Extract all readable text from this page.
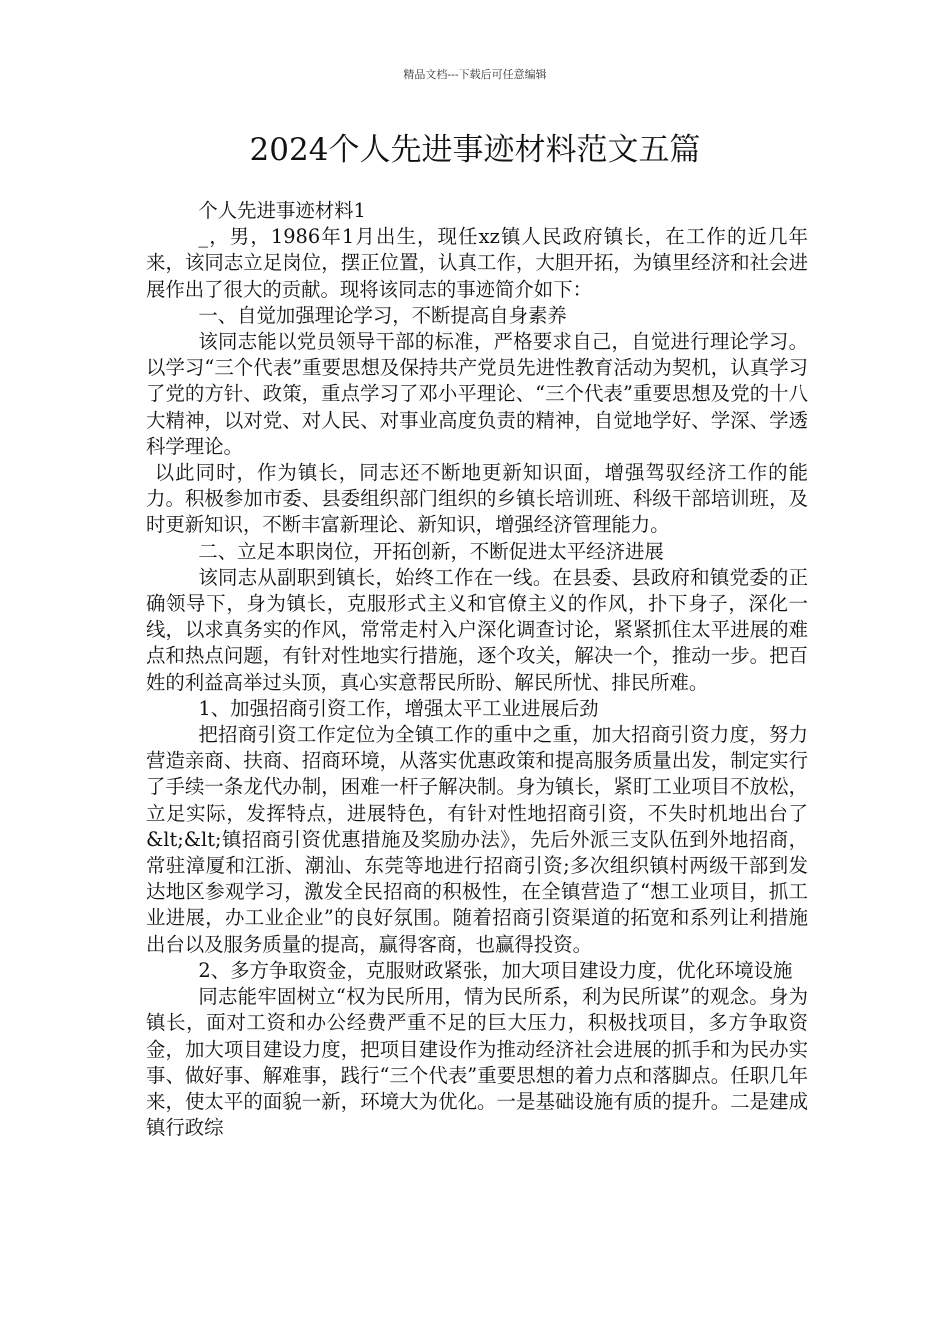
精品文档---下载后可任意编辑
2024个人先进事迹材料范文五篇

个人先进事迹材料1

_，男，1986年1月出生，现任xz镇人民政府镇长，在工作的近几年来，该同志立足岗位，摆正位置，认真工作，大胆开拓，为镇里经济和社会进展作出了很大的贡献。现将该同志的事迹简介如下：

一、自觉加强理论学习，不断提高自身素养

该同志能以党员领导干部的标准，严格要求自己，自觉进行理论学习。以学习“三个代表”重要思想及保持共产党员先进性教育活动为契机，认真学习了党的方针、政策，重点学习了邓小平理论、“三个代表”重要思想及党的十八大精神，以对党、对人民、对事业高度负责的精神，自觉地学好、学深、学透科学理论。

以此同时，作为镇长，同志还不断地更新知识面，增强驾驭经济工作的能力。积极参加市委、县委组织部门组织的乡镇长培训班、科级干部培训班，及时更新知识，不断丰富新理论、新知识，增强经济管理能力。

二、立足本职岗位，开拓创新，不断促进太平经济进展

该同志从副职到镇长，始终工作在一线。在县委、县政府和镇党委的正确领导下，身为镇长，克服形式主义和官僚主义的作风，扑下身子，深化一线，以求真务实的作风，常常走村入户深化调查讨论，紧紧抓住太平进展的难点和热点问题，有针对性地实行措施，逐个攻关，解决一个，推动一步。把百姓的利益高举过头顶，真心实意帮民所盼、解民所忧、排民所难。

1、加强招商引资工作，增强太平工业进展后劲

把招商引资工作定位为全镇工作的重中之重，加大招商引资力度，努力营造亲商、扶商、招商环境，从落实优惠政策和提高服务质量出发，制定实行了手续一条龙代办制，困难一杆子解决制。身为镇长，紧盯工业项目不放松，立足实际，发挥特点，进展特色，有针对性地招商引资，不失时机地出台了&lt;&lt;镇招商引资优惠措施及奖励办法》，先后外派三支队伍到外地招商，常驻漳厦和江浙、潮汕、东莞等地进行招商引资;多次组织镇村两级干部到发达地区参观学习，激发全民招商的积极性，在全镇营造了“想工业项目，抓工业进展，办工业企业”的良好氛围。随着招商引资渠道的拓宽和系列让利措施出台以及服务质量的提高，赢得客商，也赢得投资。

2、多方争取资金，克服财政紧张，加大项目建设力度，优化环境设施

同志能牢固树立“权为民所用，情为民所系，利为民所谋”的观念。身为镇长，面对工资和办公经费严重不足的巨大压力，积极找项目，多方争取资金，加大项目建设力度，把项目建设作为推动经济社会进展的抓手和为民办实事、做好事、解难事，践行“三个代表”重要思想的着力点和落脚点。任职几年来，使太平的面貌一新，环境大为优化。一是基础设施有质的提升。二是建成镇行政综
